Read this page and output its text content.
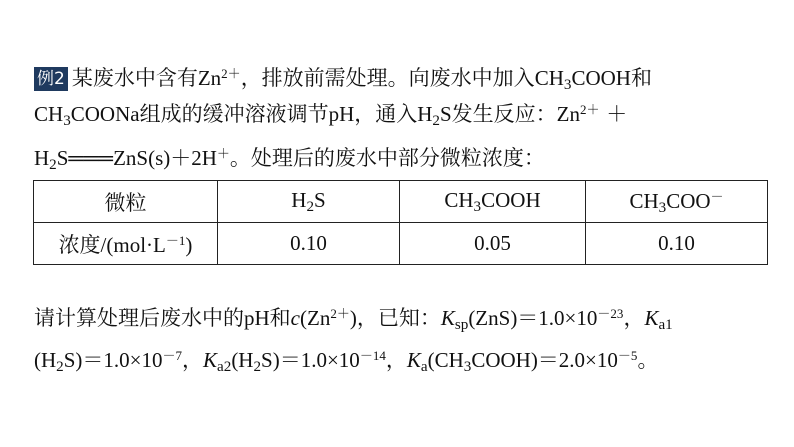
例2 某废水中含有$Zn^{2+}$，排放前需处理。向废水中加入$CH_3COOH$和
$CH_3COONa$组成的缓冲溶液调节pH，通入$H_2S$发生反应：$Zn^{2+}$ ＋
$H_2S═══ZnS(s)+2H^+$。处理后的废水中部分微粒浓度：
微粒	$H_2S$	$CH_3COOH$	$CH_3COO^-$
浓度$/(mol\cdot L^{-1})$	0.10	0.05	0.10
请计算处理后废水中的pH和$c(Zn^{2+})$，已知：$K_{sp}(ZnS)=1.0\times 10^{-23}$，$K_{a1}$
$(H_2S)=1.0\times 10^{-7}$，$K_{a2}(H_2S)=1.0\times 10^{-14}$，$K_a(CH_3COOH)=2.0\times 10^{-5}$。
